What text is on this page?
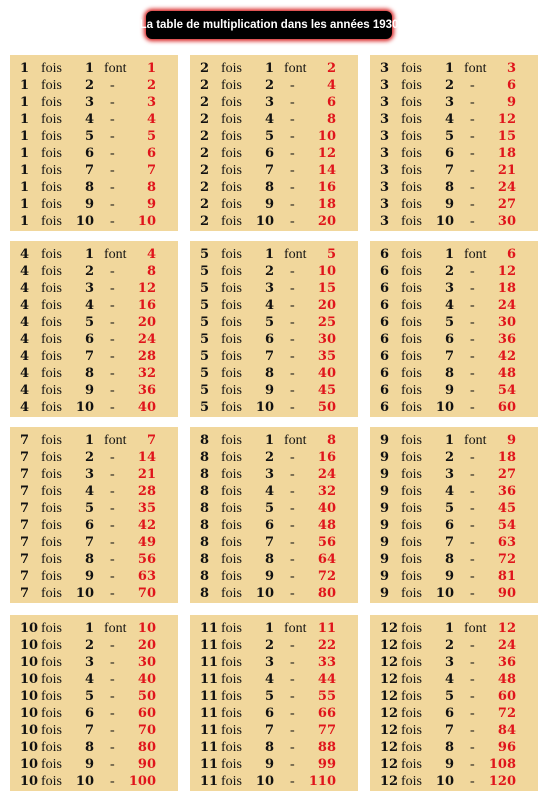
La table de multiplication dans les années 1930
1 fois	1 font 1
1 fois	2 - 2
1 fois	3 - 3
1 fois	4 - 4
1 fois	5 - 5
1 fois	6 - 6
1 fois	7 - 7
1 fois	8 - 8
1 fois	9 - 9
1 fois	10 - 10
2 fois	1 font 2
2 fois	2 - 4
2 fois	3 - 6
2 fois	4 - 8
2 fois	5 - 10
2 fois	6 - 12
2 fois	7 - 14
2 fois	8 - 16
2 fois	9 - 18
2 fois	10 - 20
3 fois	1 font 3
3 fois	2 - 6
3 fois	3 - 9
3 fois	4 - 12
3 fois	5 - 15
3 fois	6 - 18
3 fois	7 - 21
3 fois	8 - 24
3 fois	9 - 27
3 fois	10 - 30
4 fois	1 font 4
4 fois	2 - 8
4 fois	3 - 12
4 fois	4 - 16
4 fois	5 - 20
4 fois	6 - 24
4 fois	7 - 28
4 fois	8 - 32
4 fois	9 - 36
4 fois	10 - 40
5 fois	1 font 5
5 fois	2 - 10
5 fois	3 - 15
5 fois	4 - 20
5 fois	5 - 25
5 fois	6 - 30
5 fois	7 - 35
5 fois	8 - 40
5 fois	9 - 45
5 fois	10 - 50
6 fois	1 font 6
6 fois	2 - 12
6 fois	3 - 18
6 fois	4 - 24
6 fois	5 - 30
6 fois	6 - 36
6 fois	7 - 42
6 fois	8 - 48
6 fois	9 - 54
6 fois	10 - 60
7 fois	1 font 7
7 fois	2 - 14
7 fois	3 - 21
7 fois	4 - 28
7 fois	5 - 35
7 fois	6 - 42
7 fois	7 - 49
7 fois	8 - 56
7 fois	9 - 63
7 fois	10 - 70
8 fois	1 font 8
8 fois	2 - 16
8 fois	3 - 24
8 fois	4 - 32
8 fois	5 - 40
8 fois	6 - 48
8 fois	7 - 56
8 fois	8 - 64
8 fois	9 - 72
8 fois	10 - 80
9 fois	1 font 9
9 fois	2 - 18
9 fois	3 - 27
9 fois	4 - 36
9 fois	5 - 45
9 fois	6 - 54
9 fois	7 - 63
9 fois	8 - 72
9 fois	9 - 81
9 fois	10 - 90
10 fois	1 font 10
10 fois	2 - 20
10 fois	3 - 30
10 fois	4 - 40
10 fois	5 - 50
10 fois	6 - 60
10 fois	7 - 70
10 fois	8 - 80
10 fois	9 - 90
10 fois	10 - 100
11 fois	1 font 11
11 fois	2 - 22
11 fois	3 - 33
11 fois	4 - 44
11 fois	5 - 55
11 fois	6 - 66
11 fois	7 - 77
11 fois	8 - 88
11 fois	9 - 99
11 fois	10 - 110
12 fois	1 font 12
12 fois	2 - 24
12 fois	3 - 36
12 fois	4 - 48
12 fois	5 - 60
12 fois	6 - 72
12 fois	7 - 84
12 fois	8 - 96
12 fois	9 - 108
12 fois	10 - 120
